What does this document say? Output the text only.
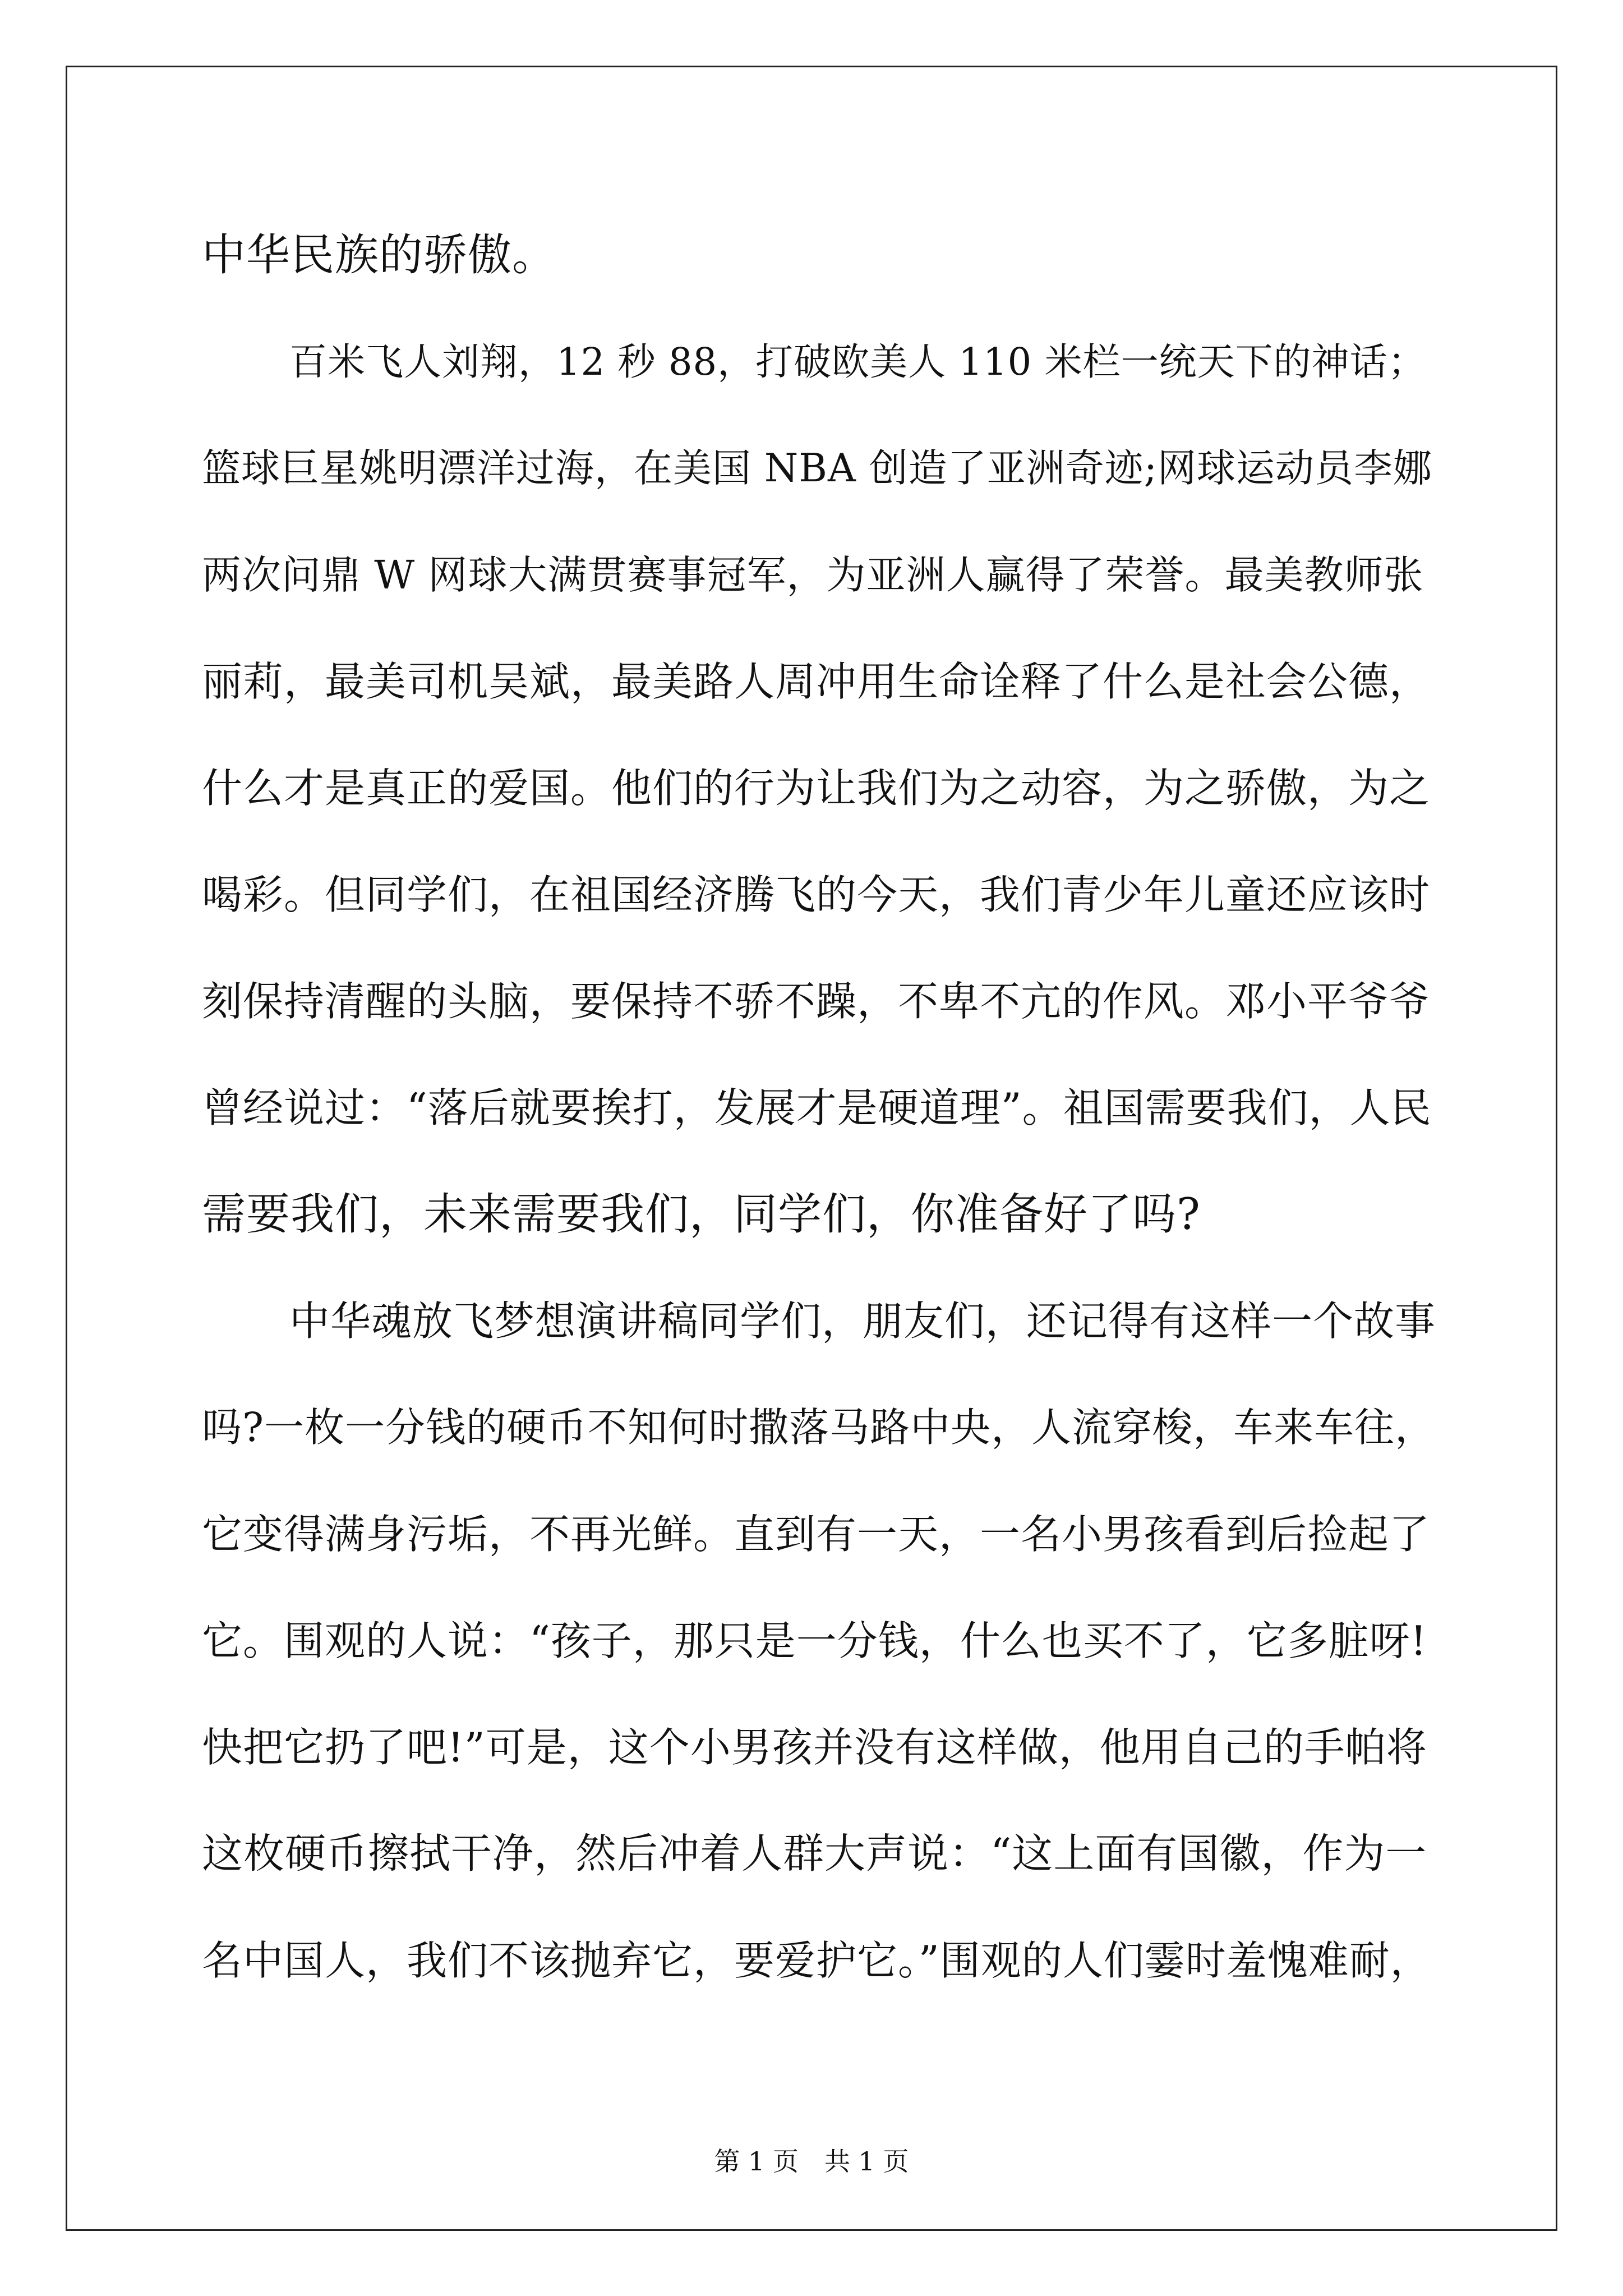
中华民族的骄傲。
百米飞人刘翔，12 秒 88，打破欧美人 110 米栏一统天下的神话；
篮球巨星姚明漂洋过海，在美国 NBA 创造了亚洲奇迹;网球运动员李娜
两次问鼎 W 网球大满贯赛事冠军，为亚洲人赢得了荣誉。最美教师张
丽莉，最美司机吴斌，最美路人周冲用生命诠释了什么是社会公德，
什么才是真正的爱国。他们的行为让我们为之动容，为之骄傲，为之
喝彩。但同学们，在祖国经济腾飞的今天，我们青少年儿童还应该时
刻保持清醒的头脑，要保持不骄不躁，不卑不亢的作风。邓小平爷爷
曾经说过：“落后就要挨打，发展才是硬道理”。祖国需要我们，人民
需要我们，未来需要我们，同学们，你准备好了吗?
中华魂放飞梦想演讲稿同学们，朋友们，还记得有这样一个故事
吗?一枚一分钱的硬币不知何时撒落马路中央，人流穿梭，车来车往，
它变得满身污垢，不再光鲜。直到有一天，一名小男孩看到后捡起了
它。围观的人说：“孩子，那只是一分钱，什么也买不了，它多脏呀!
快把它扔了吧!”可是，这个小男孩并没有这样做，他用自己的手帕将
这枚硬币擦拭干净，然后冲着人群大声说：“这上面有国徽，作为一
名中国人，我们不该抛弃它，要爱护它。”围观的人们霎时羞愧难耐，
第 1 页　共 1 页
